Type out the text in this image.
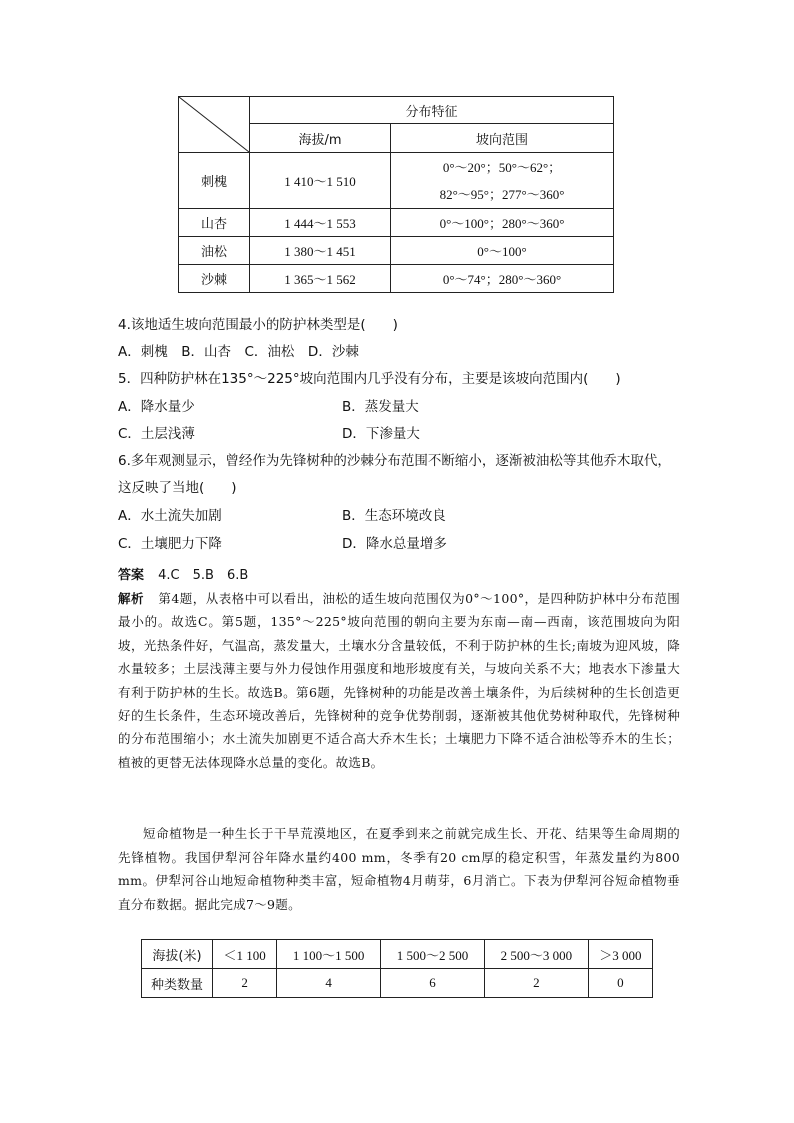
	分布特征	
	海拔/m	坡向范围
刺槐	1 410～1 510	0°～20°；50°～62°；
82°～95°；277°～360°

山杏	1 444～1 553	0°～100°；280°～360°
油松	1 380～1 451	0°～100°
沙棘	1 365～1 562	0°～74°；280°～360°
4.该地适生坡向范围最小的防护林类型是(　　)
A．刺槐　B．山杏　C．油松　D．沙棘
5．四种防护林在135°～225°坡向范围内几乎没有分布，主要是该坡向范围内(　　)
A．降水量少	B．蒸发量大
C．土层浅薄	D．下渗量大
6.多年观测显示，曾经作为先锋树种的沙棘分布范围不断缩小，逐渐被油松等其他乔木取代，
这反映了当地(　　)
A．水土流失加剧	B．生态环境改良
C．土壤肥力下降	D．降水总量增多
答案 4.C　5.B　6.B
解析 第4题，从表格中可以看出，油松的适生坡向范围仅为0°～100°，是四种防护林中分布范围最小的。故选C。第5题，135°～225°坡向范围的朝向主要为东南—南—西南，该范围坡向为阳坡，光热条件好，气温高，蒸发量大，土壤水分含量较低，不利于防护林的生长;南坡为迎风坡，降水量较多；土层浅薄主要与外力侵蚀作用强度和地形坡度有关，与坡向关系不大；地表水下渗量大有利于防护林的生长。故选B。第6题，先锋树种的功能是改善土壤条件，为后续树种的生长创造更好的生长条件，生态环境改善后，先锋树种的竞争优势削弱，逐渐被其他优势树种取代，先锋树种的分布范围缩小；水土流失加剧更不适合高大乔木生长；土壤肥力下降不适合油松等乔木的生长；植被的更替无法体现降水总量的变化。故选B。
短命植物是一种生长于干旱荒漠地区，在夏季到来之前就完成生长、开花、结果等生命周期的先锋植物。我国伊犁河谷年降水量约400 mm，冬季有20 cm厚的稳定积雪，年蒸发量约为800 mm。伊犁河谷山地短命植物种类丰富，短命植物4月萌芽，6月消亡。下表为伊犁河谷短命植物垂直分布数据。据此完成7～9题。
海拔(米)	＜1 100	1 100～1 500	1 500～2 500	2 500～3 000	＞3 000
种类数量	2	4	6	2	0
